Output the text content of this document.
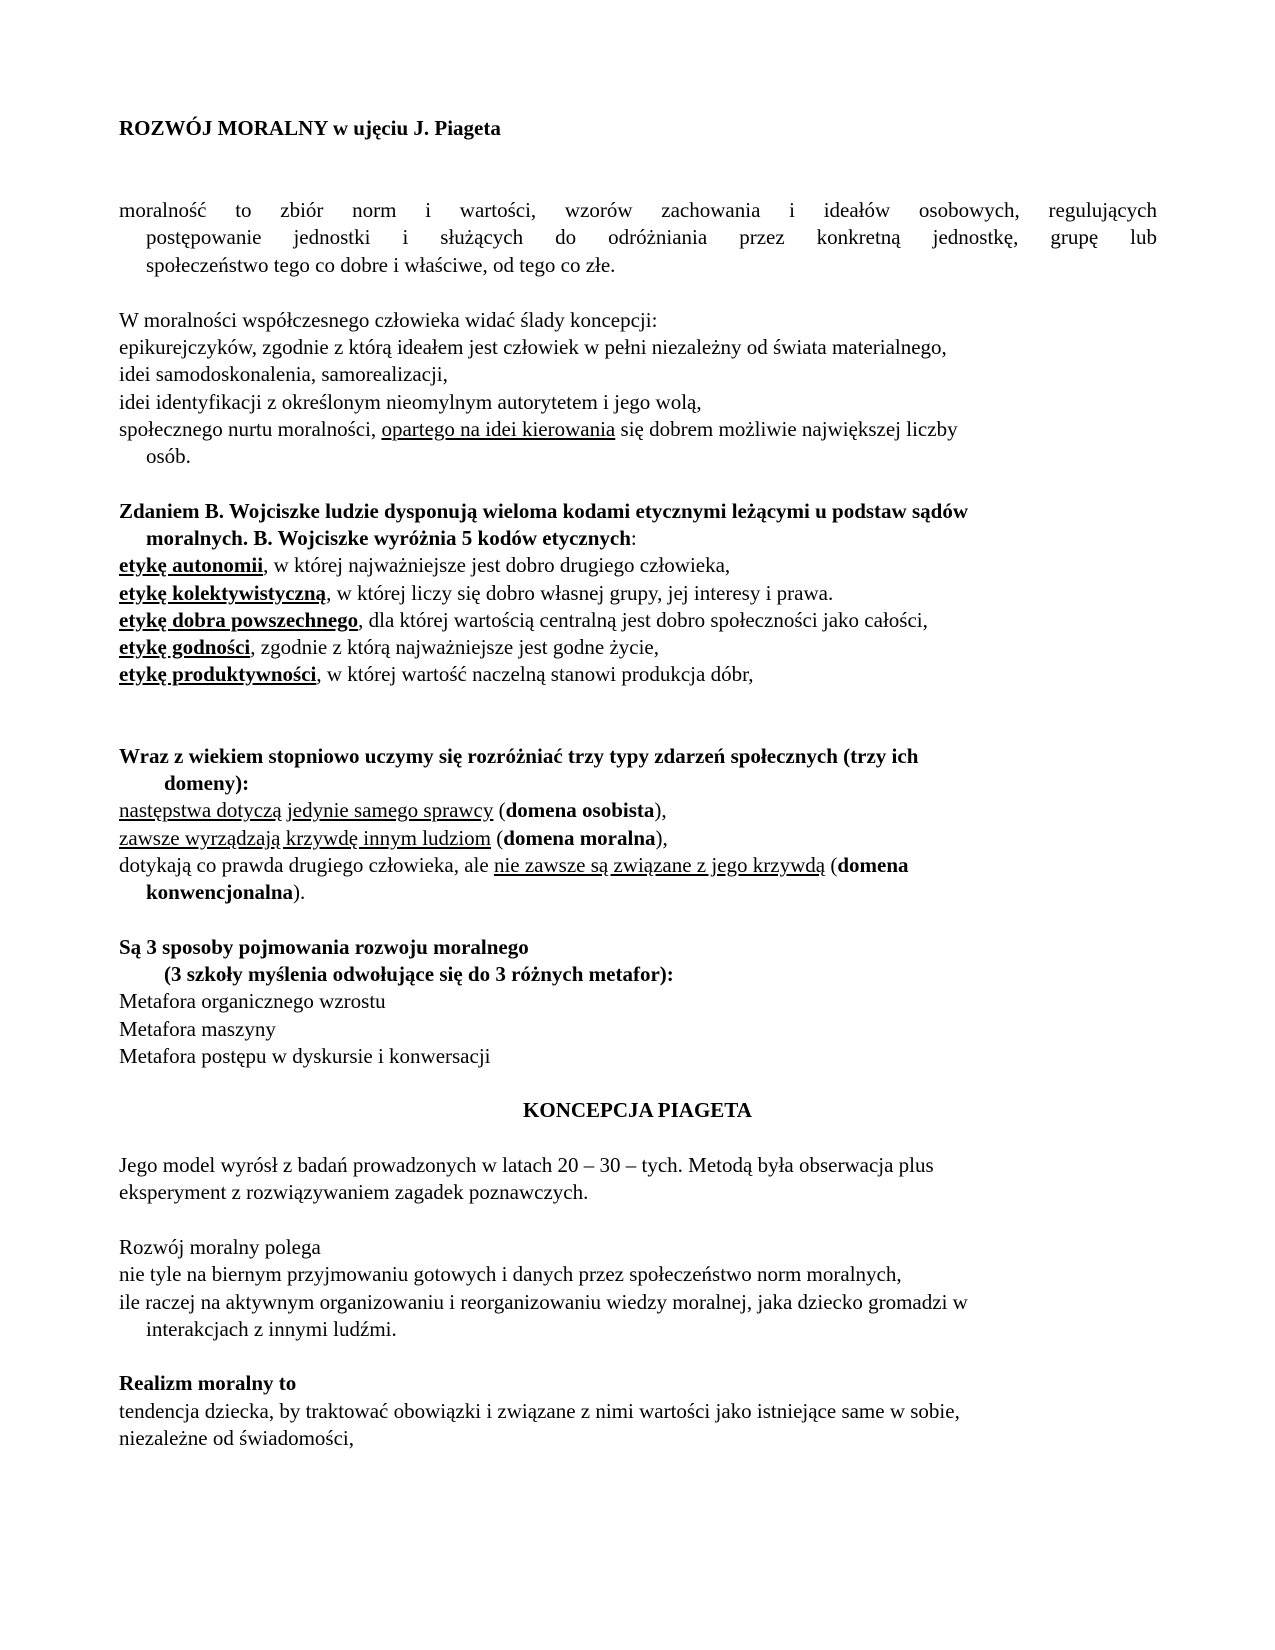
ROZWÓJ MORALNY w ujęciu J. Piageta
moralność to zbiór norm i wartości, wzorów zachowania i ideałów osobowych, regulujących
postępowanie jednostki i służących do odróżniania przez konkretną jednostkę, grupę lub
społeczeństwo tego co dobre i właściwe, od tego co złe.
W moralności współczesnego człowieka widać ślady koncepcji:
epikurejczyków, zgodnie z którą ideałem jest człowiek w pełni niezależny od świata materialnego,
idei samodoskonalenia, samorealizacji,
idei identyfikacji z określonym nieomylnym autorytetem i jego wolą,
społecznego nurtu moralności, opartego na idei kierowania się dobrem możliwie największej liczby
osób.
Zdaniem B. Wojciszke ludzie dysponują wieloma kodami etycznymi leżącymi u podstaw sądów
moralnych. B. Wojciszke wyróżnia 5 kodów etycznych:
etykę autonomii, w której najważniejsze jest dobro drugiego człowieka,
etykę kolektywistyczną, w której liczy się dobro własnej grupy, jej interesy i prawa.
etykę dobra powszechnego, dla której wartością centralną jest dobro społeczności jako całości,
etykę godności, zgodnie z którą najważniejsze jest godne życie,
etykę produktywności, w której wartość naczelną stanowi produkcja dóbr,
Wraz z wiekiem stopniowo uczymy się rozróżniać trzy typy zdarzeń społecznych (trzy ich
domeny):
następstwa dotyczą jedynie samego sprawcy (domena osobista),
zawsze wyrządzają krzywdę innym ludziom (domena moralna),
dotykają co prawda drugiego człowieka, ale nie zawsze są związane z jego krzywdą (domena
konwencjonalna).
Są 3 sposoby pojmowania rozwoju moralnego
(3 szkoły myślenia odwołujące się do 3 różnych metafor):
Metafora organicznego wzrostu
Metafora maszyny
Metafora postępu w dyskursie i konwersacji
KONCEPCJA PIAGETA
Jego model wyrósł z badań prowadzonych w latach 20 – 30 – tych. Metodą była obserwacja plus
eksperyment z rozwiązywaniem zagadek poznawczych.
Rozwój moralny polega
nie tyle na biernym przyjmowaniu gotowych i danych przez społeczeństwo norm moralnych,
ile raczej na aktywnym organizowaniu i reorganizowaniu wiedzy moralnej, jaka dziecko gromadzi w
interakcjach z innymi ludźmi.
Realizm moralny to
tendencja dziecka, by traktować obowiązki i związane z nimi wartości jako istniejące same w sobie,
niezależne od świadomości,
